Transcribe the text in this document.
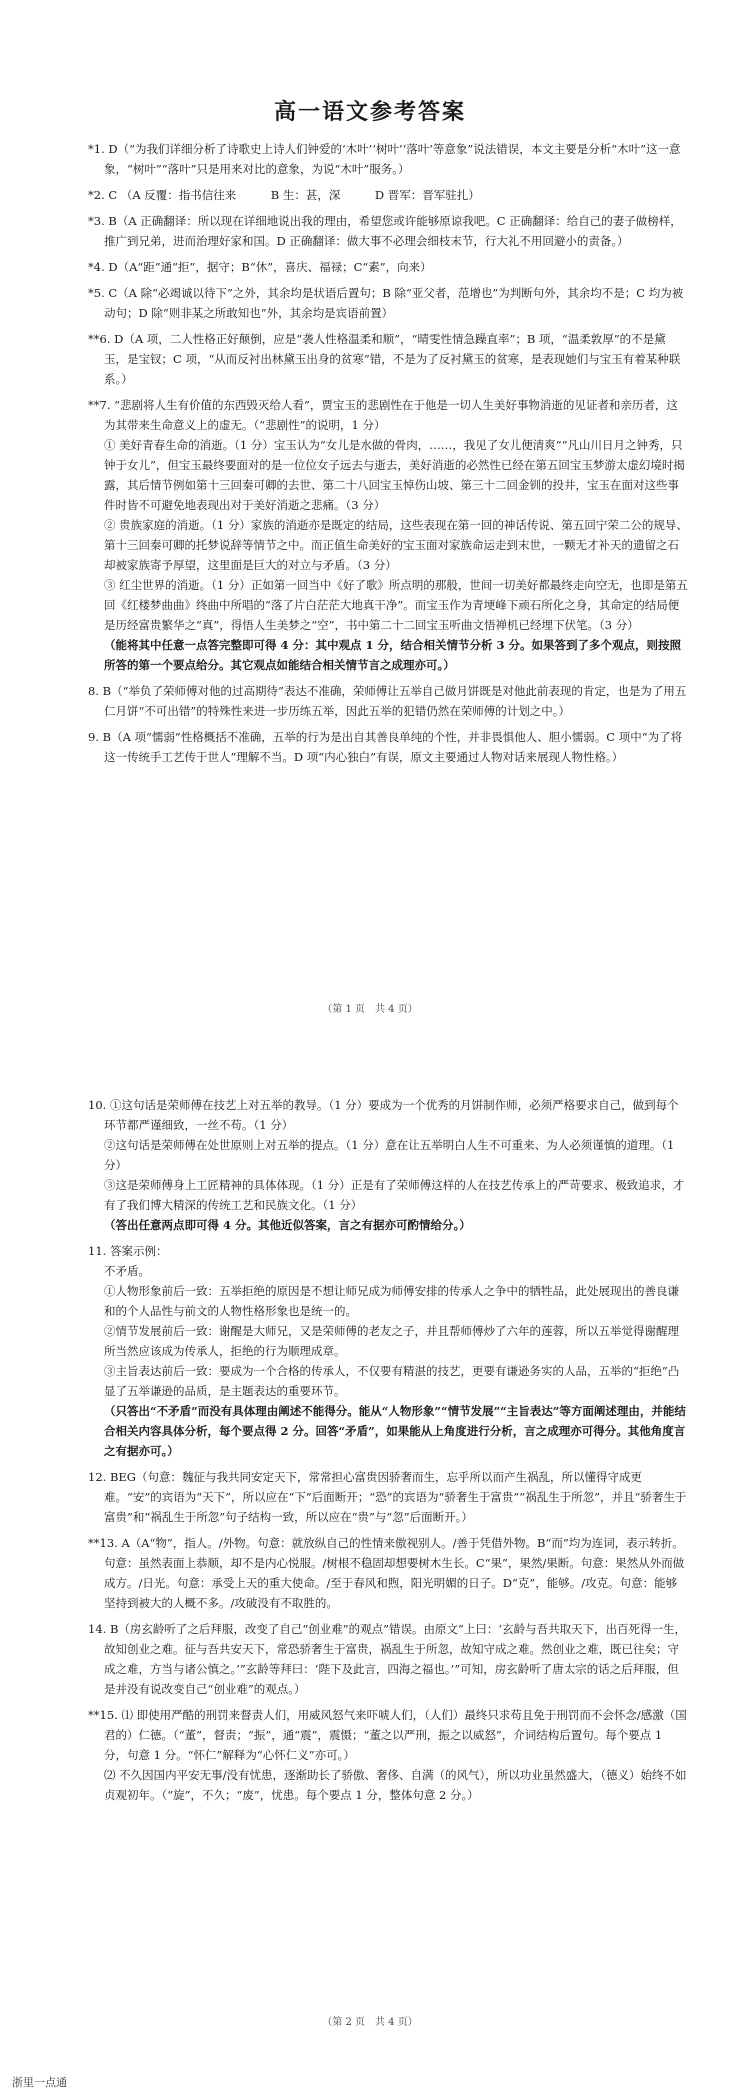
高一语文参考答案

*1. D（“为我们详细分析了诗歌史上诗人们钟爱的‘木叶’‘树叶’‘落叶’等意象”说法错误，本文主要是分析“木叶”这一意象，“树叶”“落叶”只是用来对比的意象，为说“木叶”服务。）

*2. C （A 反覆：指书信往来　　　B 生：甚，深　　　D 晋军：晋军驻扎）

*3. B（A 正确翻译：所以现在详细地说出我的理由，希望您或许能够原谅我吧。C 正确翻译：给自己的妻子做榜样，推广到兄弟，进而治理好家和国。D 正确翻译：做大事不必理会细枝末节，行大礼不用回避小的责备。）

*4. D（A“距”通“拒”，据守；B“休”，喜庆、福禄；C“素”，向来）

*5. C（A 除“必竭诚以待下”之外，其余均是状语后置句；B 除“亚父者，范增也”为判断句外，其余均不是；C 均为被动句；D 除“则非某之所敢知也”外，其余均是宾语前置）

**6. D（A 项，二人性格正好颠倒，应是“袭人性格温柔和顺”，“晴雯性情急躁直率”；B 项，“温柔敦厚”的不是黛玉，是宝钗；C 项，“从而反衬出林黛玉出身的贫寒”错，不是为了反衬黛玉的贫寒，是表现她们与宝玉有着某种联系。）

**7. “悲剧将人生有价值的东西毁灭给人看”，贾宝玉的悲剧性在于他是一切人生美好事物消逝的见证者和亲历者，这为其带来生命意义上的虚无。（“悲剧性”的说明，1 分）

① 美好青春生命的消逝。（1 分）宝玉认为“女儿是水做的骨肉，……，我见了女儿便清爽”“凡山川日月之钟秀，只钟于女儿”，但宝玉最终要面对的是一位位女子远去与逝去，美好消逝的必然性已经在第五回宝玉梦游太虚幻境时揭露，其后情节例如第十三回秦可卿的去世、第二十八回宝玉悼伤山坡、第三十二回金钏的投井，宝玉在面对这些事件时皆不可避免地表现出对于美好消逝之悲痛。（3 分）

② 贵族家庭的消逝。（1 分）家族的消逝亦是既定的结局，这些表现在第一回的神话传说、第五回宁荣二公的规导、第十三回秦可卿的托梦说辞等情节之中。而正值生命美好的宝玉面对家族命运走到末世，一颗无才补天的遗留之石却被家族寄予厚望，这里面是巨大的对立与矛盾。（3 分）

③ 红尘世界的消逝。（1 分）正如第一回当中《好了歌》所点明的那般，世间一切美好都最终走向空无，也即是第五回《红楼梦曲曲》终曲中所唱的“落了片白茫茫大地真干净”。而宝玉作为青埂峰下顽石所化之身，其命定的结局便是历经富贵繁华之“真”，得悟人生美梦之“空”，书中第二十二回宝玉听曲文悟禅机已经埋下伏笔。（3 分）

（能将其中任意一点答完整即可得 4 分：其中观点 1 分，结合相关情节分析 3 分。如果答到了多个观点，则按照所答的第一个要点给分。其它观点如能结合相关情节言之成理亦可。）

8. B（“举负了荣师傅对他的过高期待”表达不准确，荣师傅让五举自己做月饼既是对他此前表现的肯定，也是为了用五仁月饼“不可出错”的特殊性来进一步历练五举，因此五举的犯错仍然在荣师傅的计划之中。）

9. B（A 项“懦弱”性格概括不准确，五举的行为是出自其善良单纯的个性，并非畏惧他人、胆小懦弱。C 项中“为了将这一传统手工艺传于世人”理解不当。D 项“内心独白”有误，原文主要通过人物对话来展现人物性格。）

（第 1 页　共 4 页）

10. ①这句话是荣师傅在技艺上对五举的教导。（1 分）要成为一个优秀的月饼制作师，必须严格要求自己，做到每个环节都严谨细致，一丝不苟。（1 分）

②这句话是荣师傅在处世原则上对五举的提点。（1 分）意在让五举明白人生不可重来、为人必须谨慎的道理。（1 分）

③这是荣师傅身上工匠精神的具体体现。（1 分）正是有了荣师傅这样的人在技艺传承上的严苛要求、极致追求，才有了我们博大精深的传统工艺和民族文化。（1 分）

（答出任意两点即可得 4 分。其他近似答案，言之有据亦可酌情给分。）

11. 答案示例：

不矛盾。

①人物形象前后一致：五举拒绝的原因是不想让师兄成为师傅安排的传承人之争中的牺牲品，此处展现出的善良谦和的个人品性与前文的人物性格形象也是统一的。

②情节发展前后一致：谢醒是大师兄，又是荣师傅的老友之子，并且帮师傅炒了六年的莲蓉，所以五举觉得谢醒理所当然应该成为传承人，拒绝的行为顺理成章。

③主旨表达前后一致：要成为一个合格的传承人，不仅要有精湛的技艺，更要有谦逊务实的人品，五举的“拒绝”凸显了五举谦逊的品质，是主题表达的重要环节。

（只答出“不矛盾”而没有具体理由阐述不能得分。能从“人物形象”“情节发展”“主旨表达”等方面阐述理由，并能结合相关内容具体分析，每个要点得 2 分。回答“矛盾”，如果能从上角度进行分析，言之成理亦可得分。其他角度言之有据亦可。）

12. BEG（句意：魏征与我共同安定天下，常常担心富贵因骄奢而生，忘乎所以而产生祸乱，所以懂得守成更难。“安”的宾语为“天下”，所以应在“下”后面断开；“恐”的宾语为“骄奢生于富贵”“祸乱生于所忽”，并且“骄奢生于富贵”和“祸乱生于所忽”句子结构一致，所以应在“贵”与“忽”后面断开。）

**13. A（A“物”，指人。/外物。句意：就放纵自己的性情来傲视别人。/善于凭借外物。B“而”均为连词，表示转折。句意：虽然表面上恭顺，却不是内心悦服。/树根不稳固却想要树木生长。C“果”，果然/果断。句意：果然从外而做成方。/日光。句意：承受上天的重大使命。/至于春风和煦，阳光明媚的日子。D“克”，能够。/攻克。句意：能够坚持到被大的人概不多。/攻破没有不取胜的。

14. B（房玄龄听了之后拜服，改变了自己“创业难”的观点”错误。由原文“上曰：‘玄龄与吾共取天下，出百死得一生，故知创业之难。征与吾共安天下，常恐骄奢生于富贵，祸乱生于所忽，故知守成之难。然创业之难，既已往矣；守成之难，方当与诸公慎之。’”玄龄等拜曰：‘陛下及此言，四海之福也。’”可知，房玄龄听了唐太宗的话之后拜服，但是并没有说改变自己“创业难”的观点。）

**15. ⑴ 即使用严酷的刑罚来督责人们，用威风怒气来吓唬人们，（人们）最终只求苟且免于刑罚而不会怀念/感激（国君的）仁德。（“董”，督责；“振”，通“震”，震慑；“董之以严刑，振之以威怒”，介词结构后置句。每个要点 1 分，句意 1 分。“怀仁”解释为“心怀仁义”亦可。）

⑵ 不久因国内平安无事/没有忧患，逐渐助长了骄傲、奢侈、自满（的风气），所以功业虽然盛大，（德义）始终不如贞观初年。（“旋”，不久；“废”，忧患。每个要点 1 分，整体句意 2 分。）

（第 2 页　共 4 页）
浙里一点通
